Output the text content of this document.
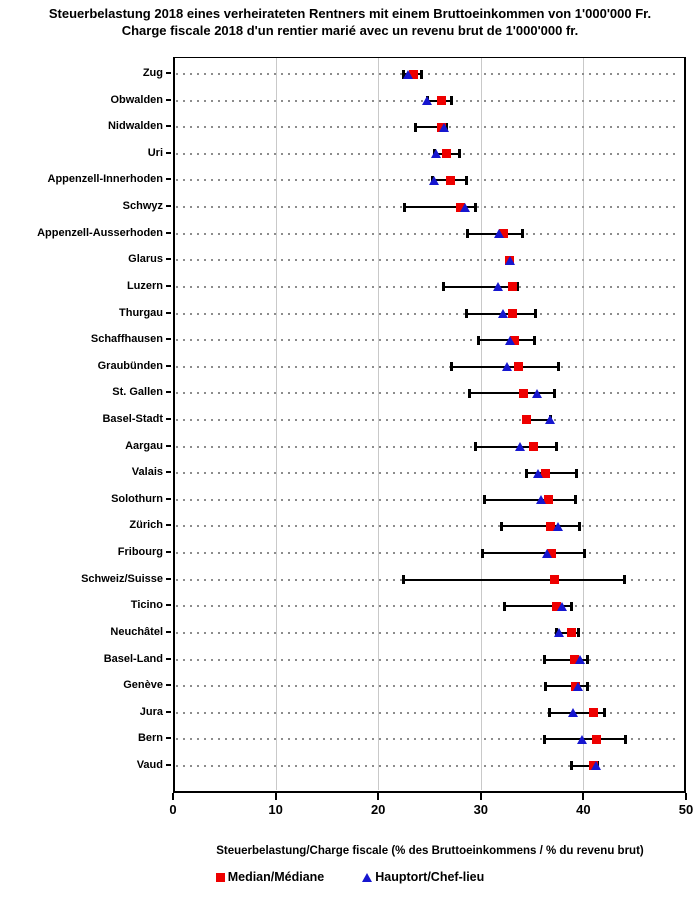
Steuerbelastung 2018 eines verheirateten Rentners mit einem Bruttoeinkommen von 1'000'000 Fr.
Charge fiscale 2018 d'un rentier marié avec un revenu brut de 1'000'000 fr.
Zug
Obwalden
Nidwalden
Uri
Appenzell-Innerhoden
Schwyz
Appenzell-Ausserhoden
Glarus
Luzern
Thurgau
Schaffhausen
Graubünden
St. Gallen
Basel-Stadt
Aargau
Valais
Solothurn
Zürich
Fribourg
Schweiz/Suisse
Ticino
Neuchâtel
Basel-Land
Genève
Jura
Bern
Vaud
0	10	20	30	40	50
Steuerbelastung/Charge fiscale (% des Bruttoeinkommens / % du revenu brut)
Median/Médiane	Hauptort/Chef-lieu
